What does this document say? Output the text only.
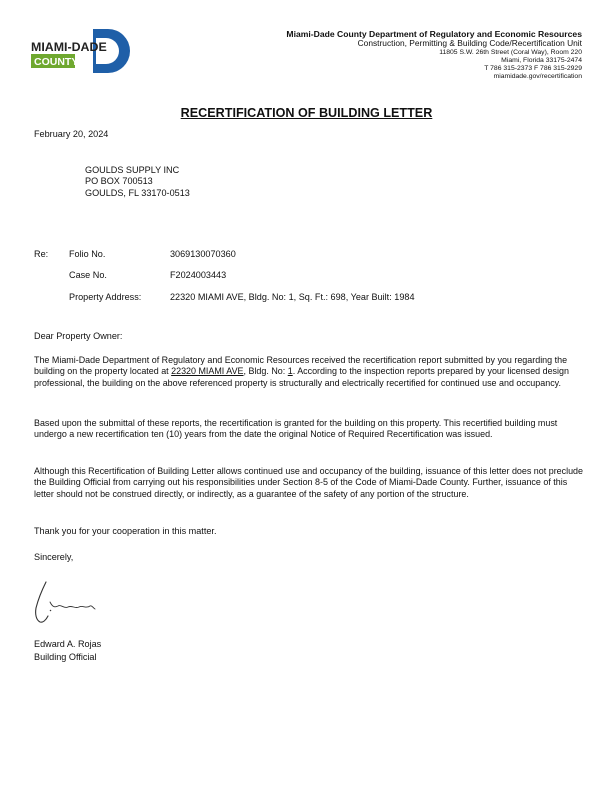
MIAMI-DADE
COUNTY
Miami-Dade County Department of Regulatory and Economic Resources
Construction, Permitting & Building Code/Recertification Unit
11805 S.W. 26th Street (Coral Way), Room 220
Miami, Florida 33175-2474
T 786 315-2373 F 786 315-2929
miamidade.gov/recertification
RECERTIFICATION OF BUILDING LETTER
February 20, 2024
GOULDS SUPPLY INC
PO BOX 700513
GOULDS, FL 33170-0513
Re: Folio No.	3069130070360
Case No.	F2024003443
Property Address:	22320 MIAMI AVE, Bldg. No: 1, Sq. Ft.: 698, Year Built: 1984
Dear Property Owner:
The Miami-Dade Department of Regulatory and Economic Resources received the recertification report submitted by you regarding the building on the property located at 22320 MIAMI AVE, Bldg. No: 1. According to the inspection reports prepared by your licensed design professional, the building on the above referenced property is structurally and electrically recertified for continued use and occupancy.
Based upon the submittal of these reports, the recertification is granted for the building on this property. This recertified building must undergo a new recertification ten (10) years from the date the original Notice of Required Recertification was issued.
Although this Recertification of Building Letter allows continued use and occupancy of the building, issuance of this letter does not preclude the Building Official from carrying out his responsibilities under Section 8-5 of the Code of Miami-Dade County. Further, issuance of this letter should not be construed directly, or indirectly, as a guarantee of the safety of any portion of the structure.
Thank you for your cooperation in this matter.
Sincerely,
Edward A. Rojas
Building Official
